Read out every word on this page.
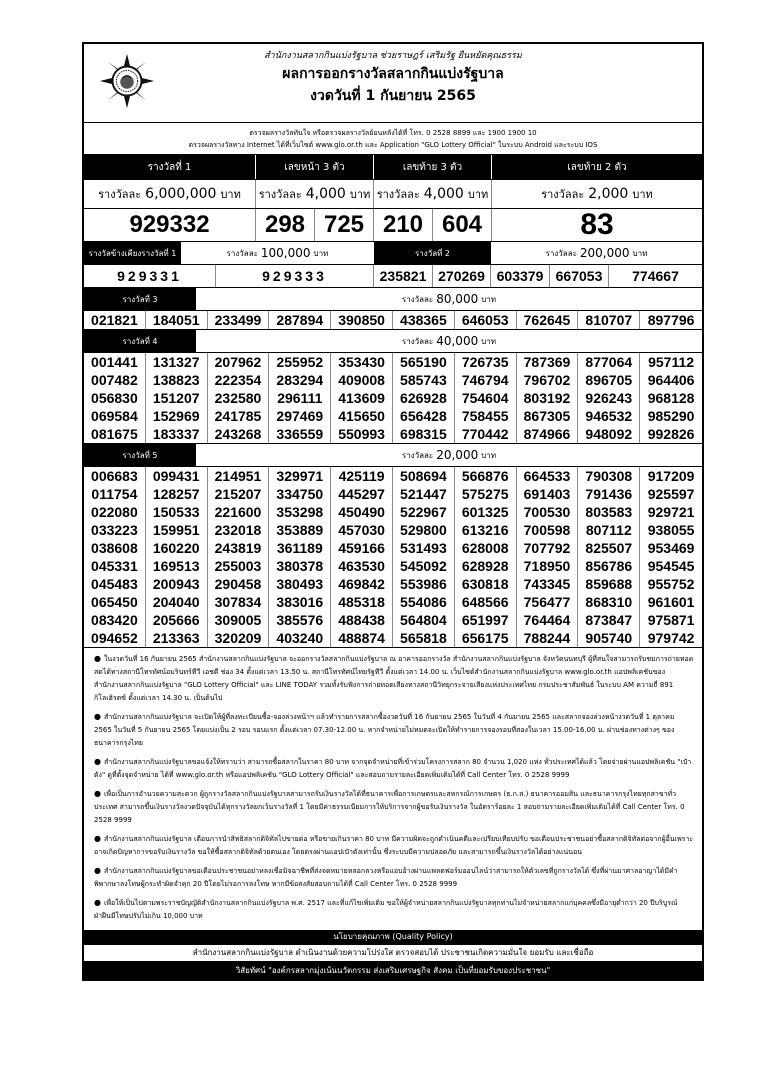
สำนักงานสลากกินแบ่งรัฐบาล ช่วยราษฎร์ เสริมรัฐ ยืนหยัดคุณธรรม
ผลการออกรางวัลสลากกินแบ่งรัฐบาล
งวดวันที่ 1 กันยายน 2565
ตรวจผลรางวัลทันใจ หรือตรวจผลรางวัลย้อนหลังได้ที่ โทร. 0 2528 8899 และ 1900 1900 10
ตรวจผลรางวัลทาง Internet ได้ที่เว็บไซต์ www.glo.or.th และ Application "GLO Lottery Official" ในระบบ Android และระบบ IOS
รางวัลที่ 1	เลขหน้า 3 ตัว	เลขท้าย 3 ตัว	เลขท้าย 2 ตัว
รางวัลละ 6,000,000 บาท รางวัลละ 4,000 บาท รางวัลละ 4,000 บาท	รางวัลละ 2,000 บาท
929332	298 725 210 604	83
รางวัลข้างเคียงรางวัลที่ 1	รางวัลละ 100,000 บาท	รางวัลที่ 2	รางวัลละ 200,000 บาท
929331	929333	235821 270269 603379 667053	774667
รางวัลที่ 3	รางวัลละ 80,000 บาท
021821	184051	233499	287894	390850	438365	646053	762645	810707	897796
รางวัลที่ 4	รางวัลละ 40,000 บาท
001441	131327	207962	255952	353430	565190	726735	787369	877064	957112
007482	138823	222354	283294	409008	585743	746794	796702	896705	964406
056830	151207	232580	296111	413609	626928	754604	803192	926243	968128
069584	152969	241785	297469	415650	656428	758455	867305	946532	985290
081675	183337	243268	336559	550993	698315	770442	874966	948092	992826
รางวัลที่ 5	รางวัลละ 20,000 บาท
006683	099431	214951	329971	425119	508694	566876	664533	790308	917209
011754	128257	215207	334750	445297	521447	575275	691403	791436	925597
022080	150533	221600	353298	450490	522967	601325	700530	803583	929721
033223	159951	232018	353889	457030	529800	613216	700598	807112	938055
038608	160220	243819	361189	459166	531493	628008	707792	825507	953469
045331	169513	255003	380378	463530	545092	628928	718950	856786	954545
045483	200943	290458	380493	469842	553986	630818	743345	859688	955752
065450	204040	307834	383016	485318	554086	648566	756477	868310	961601
083420	205666	309005	385576	488438	564804	651997	764464	873847	975871
094652	213363	320209	403240	488874	565818	656175	788244	905740	979742
● ในงวดวันที่ 16 กันยายน 2565 สำนักงานสลากกินแบ่งรัฐบาล จะออกรางวัลสลากกินแบ่งรัฐบาล ณ อาคารออกรางวัล สำนักงานสลากกินแบ่งรัฐบาล จังหวัดนนทบุรี ผู้ที่สนใจสามารถรับชมการถ่ายทอดสดได้ทางสถานีโทรทัศน์อมรินทร์ทีวี เอชดี ช่อง 34 ตั้งแต่เวลา 13.50 น. สถานีโทรทัศน์ไทยรัฐทีวี ตั้งแต่เวลา 14.00 น. เว็บไซต์สำนักงานสลากกินแบ่งรัฐบาล www.glo.or.th แอปพลิเคชันของสำนักงานสลากกินแบ่งรัฐบาล "GLO Lottery Official" และ LINE TODAY รวมทั้งรับฟังการถ่ายทอดเสียงทางสถานีวิทยุกระจายเสียงแห่งประเทศไทย กรมประชาสัมพันธ์ ในระบบ AM ความถี่ 891 กิโลเฮิรตซ์ ตั้งแต่เวลา 14.30 น. เป็นต้นไป
● สำนักงานสลากกินแบ่งรัฐบาล จะเปิดให้ผู้ที่ลงทะเบียนซื้อ-จองล่วงหน้าฯ แล้วทำรายการสลากซื้องวดวันที่ 16 กันยายน 2565 ในวันที่ 4 กันยายน 2565 และสลากจองล่วงหน้างวดวันที่ 1 ตุลาคม 2565 ในวันที่ 5 กันยายน 2565 โดยแบ่งเป็น 2 รอบ รอบแรก ตั้งแต่เวลา 07.30-12.00 น. หากจำหน่ายไม่หมดจะเปิดให้ทำรายการจองรอบที่สองในเวลา 15.00-16.00 น. ผ่านช่องทางต่างๆ ของธนาคารกรุงไทย
● สำนักงานสลากกินแบ่งรัฐบาลขอแจ้งให้ทราบว่า สามารถซื้อสลากในราคา 80 บาท จากจุดจำหน่ายที่เข้าร่วมโครงการสลาก 80 จำนวน 1,020 แห่ง ทั่วประเทศได้แล้ว โดยจ่ายผ่านแอปพลิเคชัน "เป๋าตัง" ดูที่ตั้งจุดจำหน่าย ได้ที่ www.glo.or.th หรือแอปพลิเคชัน "GLO Lottery Official" และสอบถามรายละเอียดเพิ่มเติมได้ที่ Call Center โทร. 0 2528 9999
● เพื่อเป็นการอำนวยความสะดวก ผู้ถูกรางวัลสลากกินแบ่งรัฐบาลสามารถรับเงินรางวัลได้ที่ธนาคารเพื่อการเกษตรและสหกรณ์การเกษตร (ธ.ก.ส.) ธนาคารออมสิน และธนาคารกรุงไทยทุกสาขาทั่วประเทศ สามารถขึ้นเงินรางวัลงวดปัจจุบันได้ทุกรางวัลยกเว้นรางวัลที่ 1 โดยมีค่าธรรมเนียมการให้บริการจากผู้ขอรับเงินรางวัล ในอัตราร้อยละ 1 สอบถามรายละเอียดเพิ่มเติมได้ที่ Call Center โทร. 0 2528 9999
● สำนักงานสลากกินแบ่งรัฐบาล เตือนการนำสิทธิสลากดิจิทัลไปขายต่อ หรือขายเกินราคา 80 บาท มีความผิดจะถูกดำเนินคดีและเปรียบเทียบปรับ ขอเตือนประชาชนอย่าซื้อสลากดิจิทัลต่อจากผู้อื่นเพราะอาจเกิดปัญหาการขอรับเงินรางวัล ขอให้ซื้อสลากดิจิทัลด้วยตนเอง โดยตรงผ่านแอปเป๋าตังเท่านั้น ซึ่งระบบมีความปลอดภัย และสามารถขึ้นเงินรางวัลได้อย่างแน่นอน
● สำนักงานสลากกินแบ่งรัฐบาลขอเตือนประชาชนอย่าหลงเชื่อมิจฉาชีพที่ส่งจดหมายหลอกลวงหรือแอบอ้างผ่านแพลตฟอร์มออนไลน์ว่าสามารถให้ตัวเลขที่ถูกรางวัลได้ ซึ่งที่ผ่านมาศาลอาญาได้มีคำพิพากษาลงโทษผู้กระทำผิดจำคุก 20 ปีโดยไม่รอการลงโทษ หากมีข้อสงสัยสอบถามได้ที่ Call Center โทร. 0 2528 9999
● เพื่อให้เป็นไปตามพระราชบัญญัติสำนักงานสลากกินแบ่งรัฐบาล พ.ศ. 2517 และที่แก้ไขเพิ่มเติม ขอให้ผู้จำหน่ายสลากกินแบ่งรัฐบาลทุกท่านไม่จำหน่ายสลากแก่บุคคลซึ่งมีอายุต่ำกว่า 20 ปีบริบูรณ์ ฝ่าฝืนมีโทษปรับไม่เกิน 10,000 บาท
นโยบายคุณภาพ (Quality Policy)
สำนักงานสลากกินแบ่งรัฐบาล ดำเนินงานด้วยความโปร่งใส ตรวจสอบได้ ประชาชนเกิดความมั่นใจ ยอมรับ และเชื่อถือ
วิสัยทัศน์ "องค์กรสลากมุ่งเน้นนวัตกรรม ส่งเสริมเศรษฐกิจ สังคม เป็นที่ยอมรับของประชาชน"
